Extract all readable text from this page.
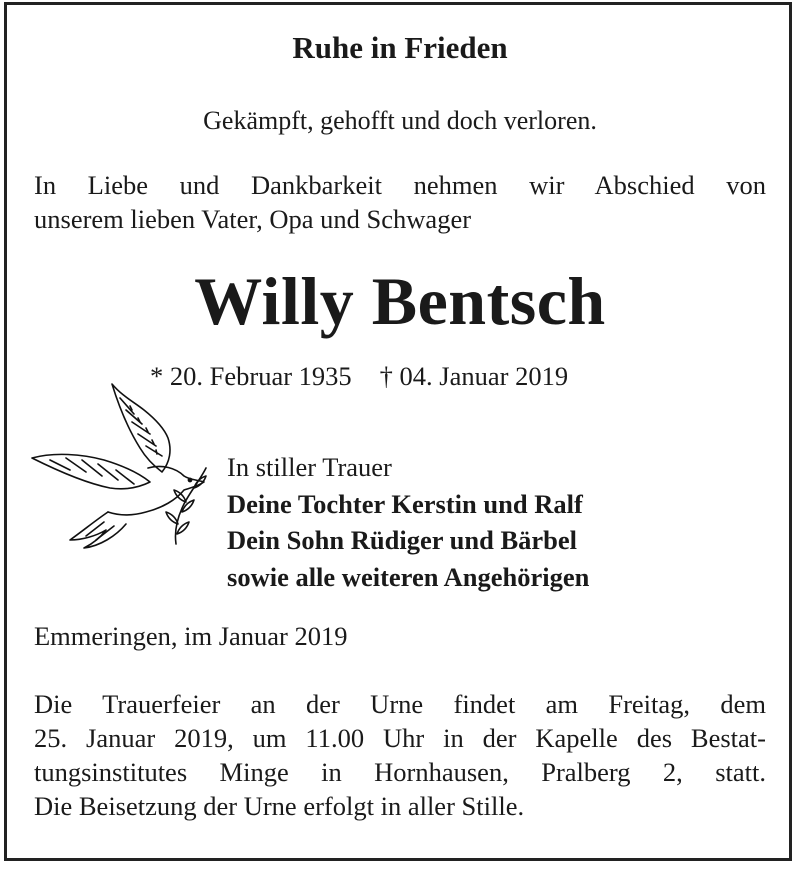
Ruhe in Frieden
Gekämpft, gehofft und doch verloren.
In Liebe und Dankbarkeit nehmen wir Abschied von
unserem lieben Vater, Opa und Schwager
Willy Bentsch
* 20. Februar 1935 † 04. Januar 2019
In stiller Trauer
Deine Tochter Kerstin und Ralf
Dein Sohn Rüdiger und Bärbel
sowie alle weiteren Angehörigen
Emmeringen, im Januar 2019
Die Trauerfeier an der Urne findet am Freitag, dem
25. Januar 2019, um 11.00 Uhr in der Kapelle des Bestat-
tungsinstitutes Minge in Hornhausen, Pralberg 2, statt.
Die Beisetzung der Urne erfolgt in aller Stille.
